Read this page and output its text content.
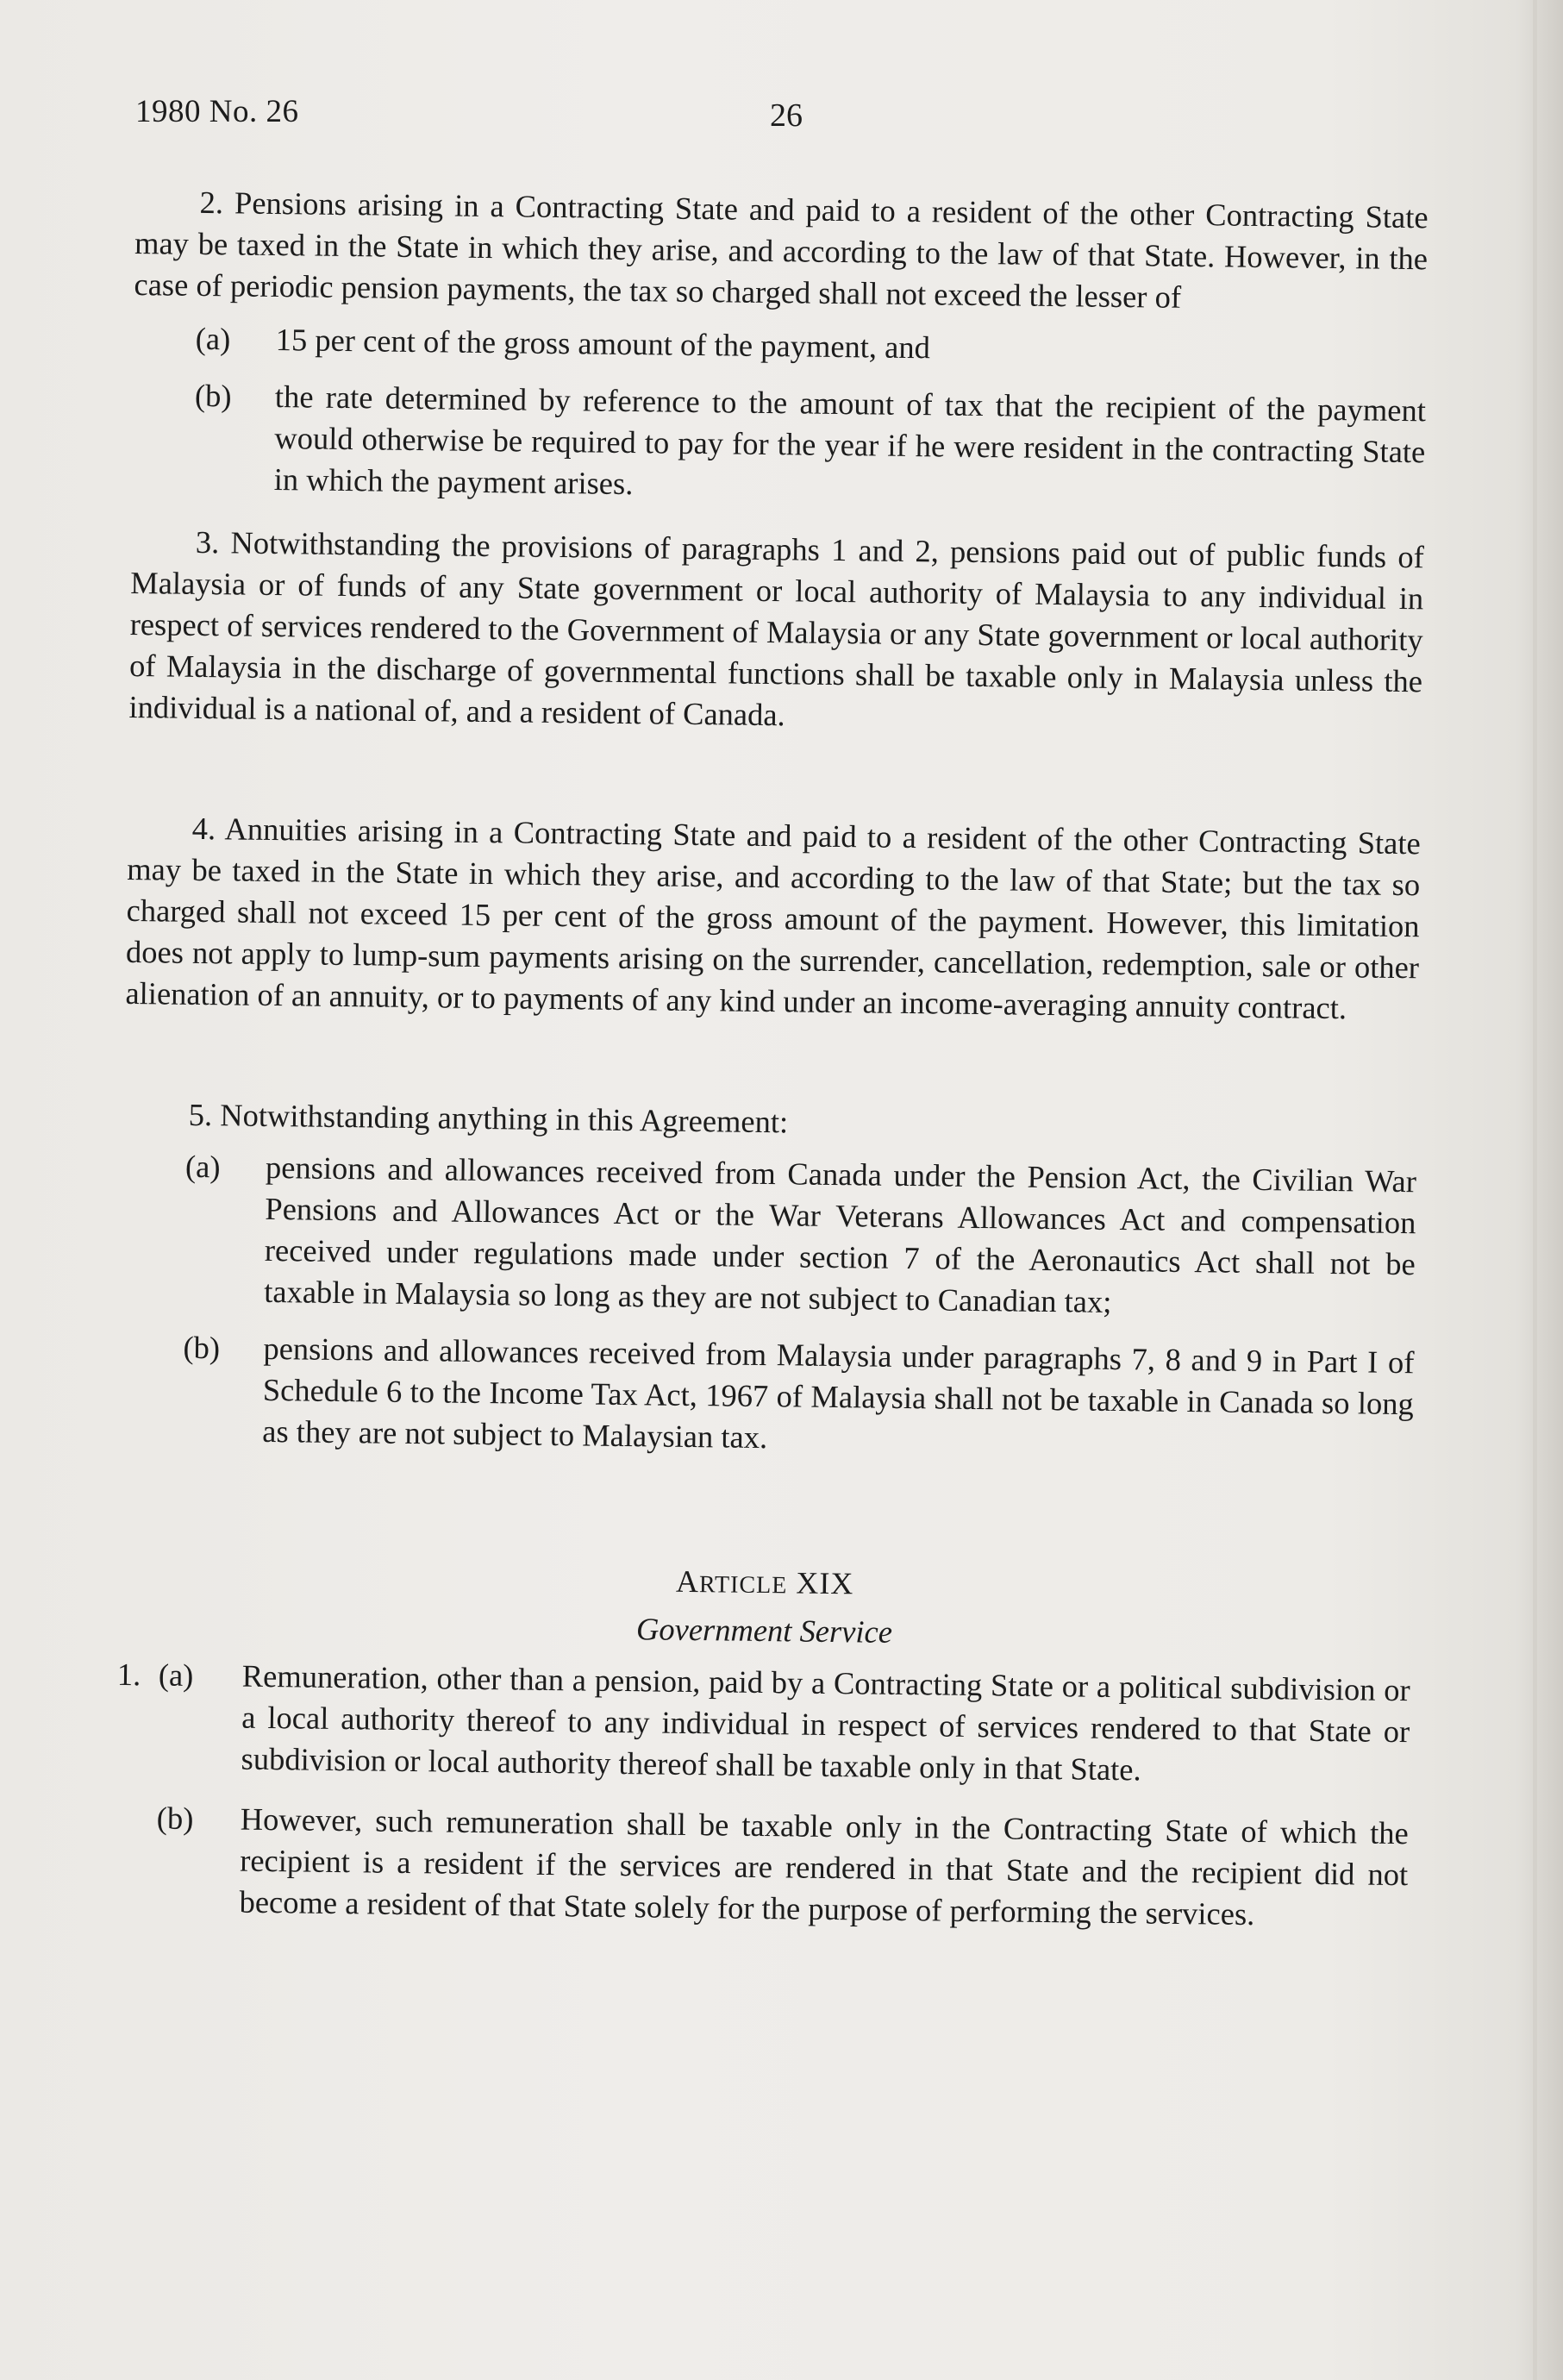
1980 No. 26	26

2. Pensions arising in a Contracting State and paid to a resident of the other Contracting State may be taxed in the State in which they arise, and according to the law of that State. However, in the case of periodic pension payments, the tax so charged shall not exceed the lesser of

(a) 15 per cent of the gross amount of the payment, and
(b) the rate determined by reference to the amount of tax that the recipient of the payment would otherwise be required to pay for the year if he were resident in the contracting State in which the payment arises.

3. Notwithstanding the provisions of paragraphs 1 and 2, pensions paid out of public funds of Malaysia or of funds of any State government or local authority of Malaysia to any individual in respect of services rendered to the Government of Malaysia or any State government or local authority of Malaysia in the discharge of governmental functions shall be taxable only in Malaysia unless the individual is a national of, and a resident of Canada.

4. Annuities arising in a Contracting State and paid to a resident of the other Contracting State may be taxed in the State in which they arise, and according to the law of that State; but the tax so charged shall not exceed 15 per cent of the gross amount of the payment. However, this limitation does not apply to lump-sum payments arising on the surrender, cancellation, redemption, sale or other alienation of an annuity, or to payments of any kind under an income-averaging annuity contract.

5. Notwithstanding anything in this Agreement:

(a) pensions and allowances received from Canada under the Pension Act, the Civilian War Pensions and Allowances Act or the War Veterans Allowances Act and compensation received under regulations made under section 7 of the Aeronautics Act shall not be taxable in Malaysia so long as they are not subject to Canadian tax;
(b) pensions and allowances received from Malaysia under paragraphs 7, 8 and 9 in Part I of Schedule 6 to the Income Tax Act, 1967 of Malaysia shall not be taxable in Canada so long as they are not subject to Malaysian tax.
ARTICLE XIX
Government Service
1. (a) Remuneration, other than a pension, paid by a Contracting State or a political subdivision or a local authority thereof to any individual in respect of services rendered to that State or subdivision or local authority thereof shall be taxable only in that State.
(b) However, such remuneration shall be taxable only in the Contracting State of which the recipient is a resident if the services are rendered in that State and the recipient did not become a resident of that State solely for the purpose of performing the services.
